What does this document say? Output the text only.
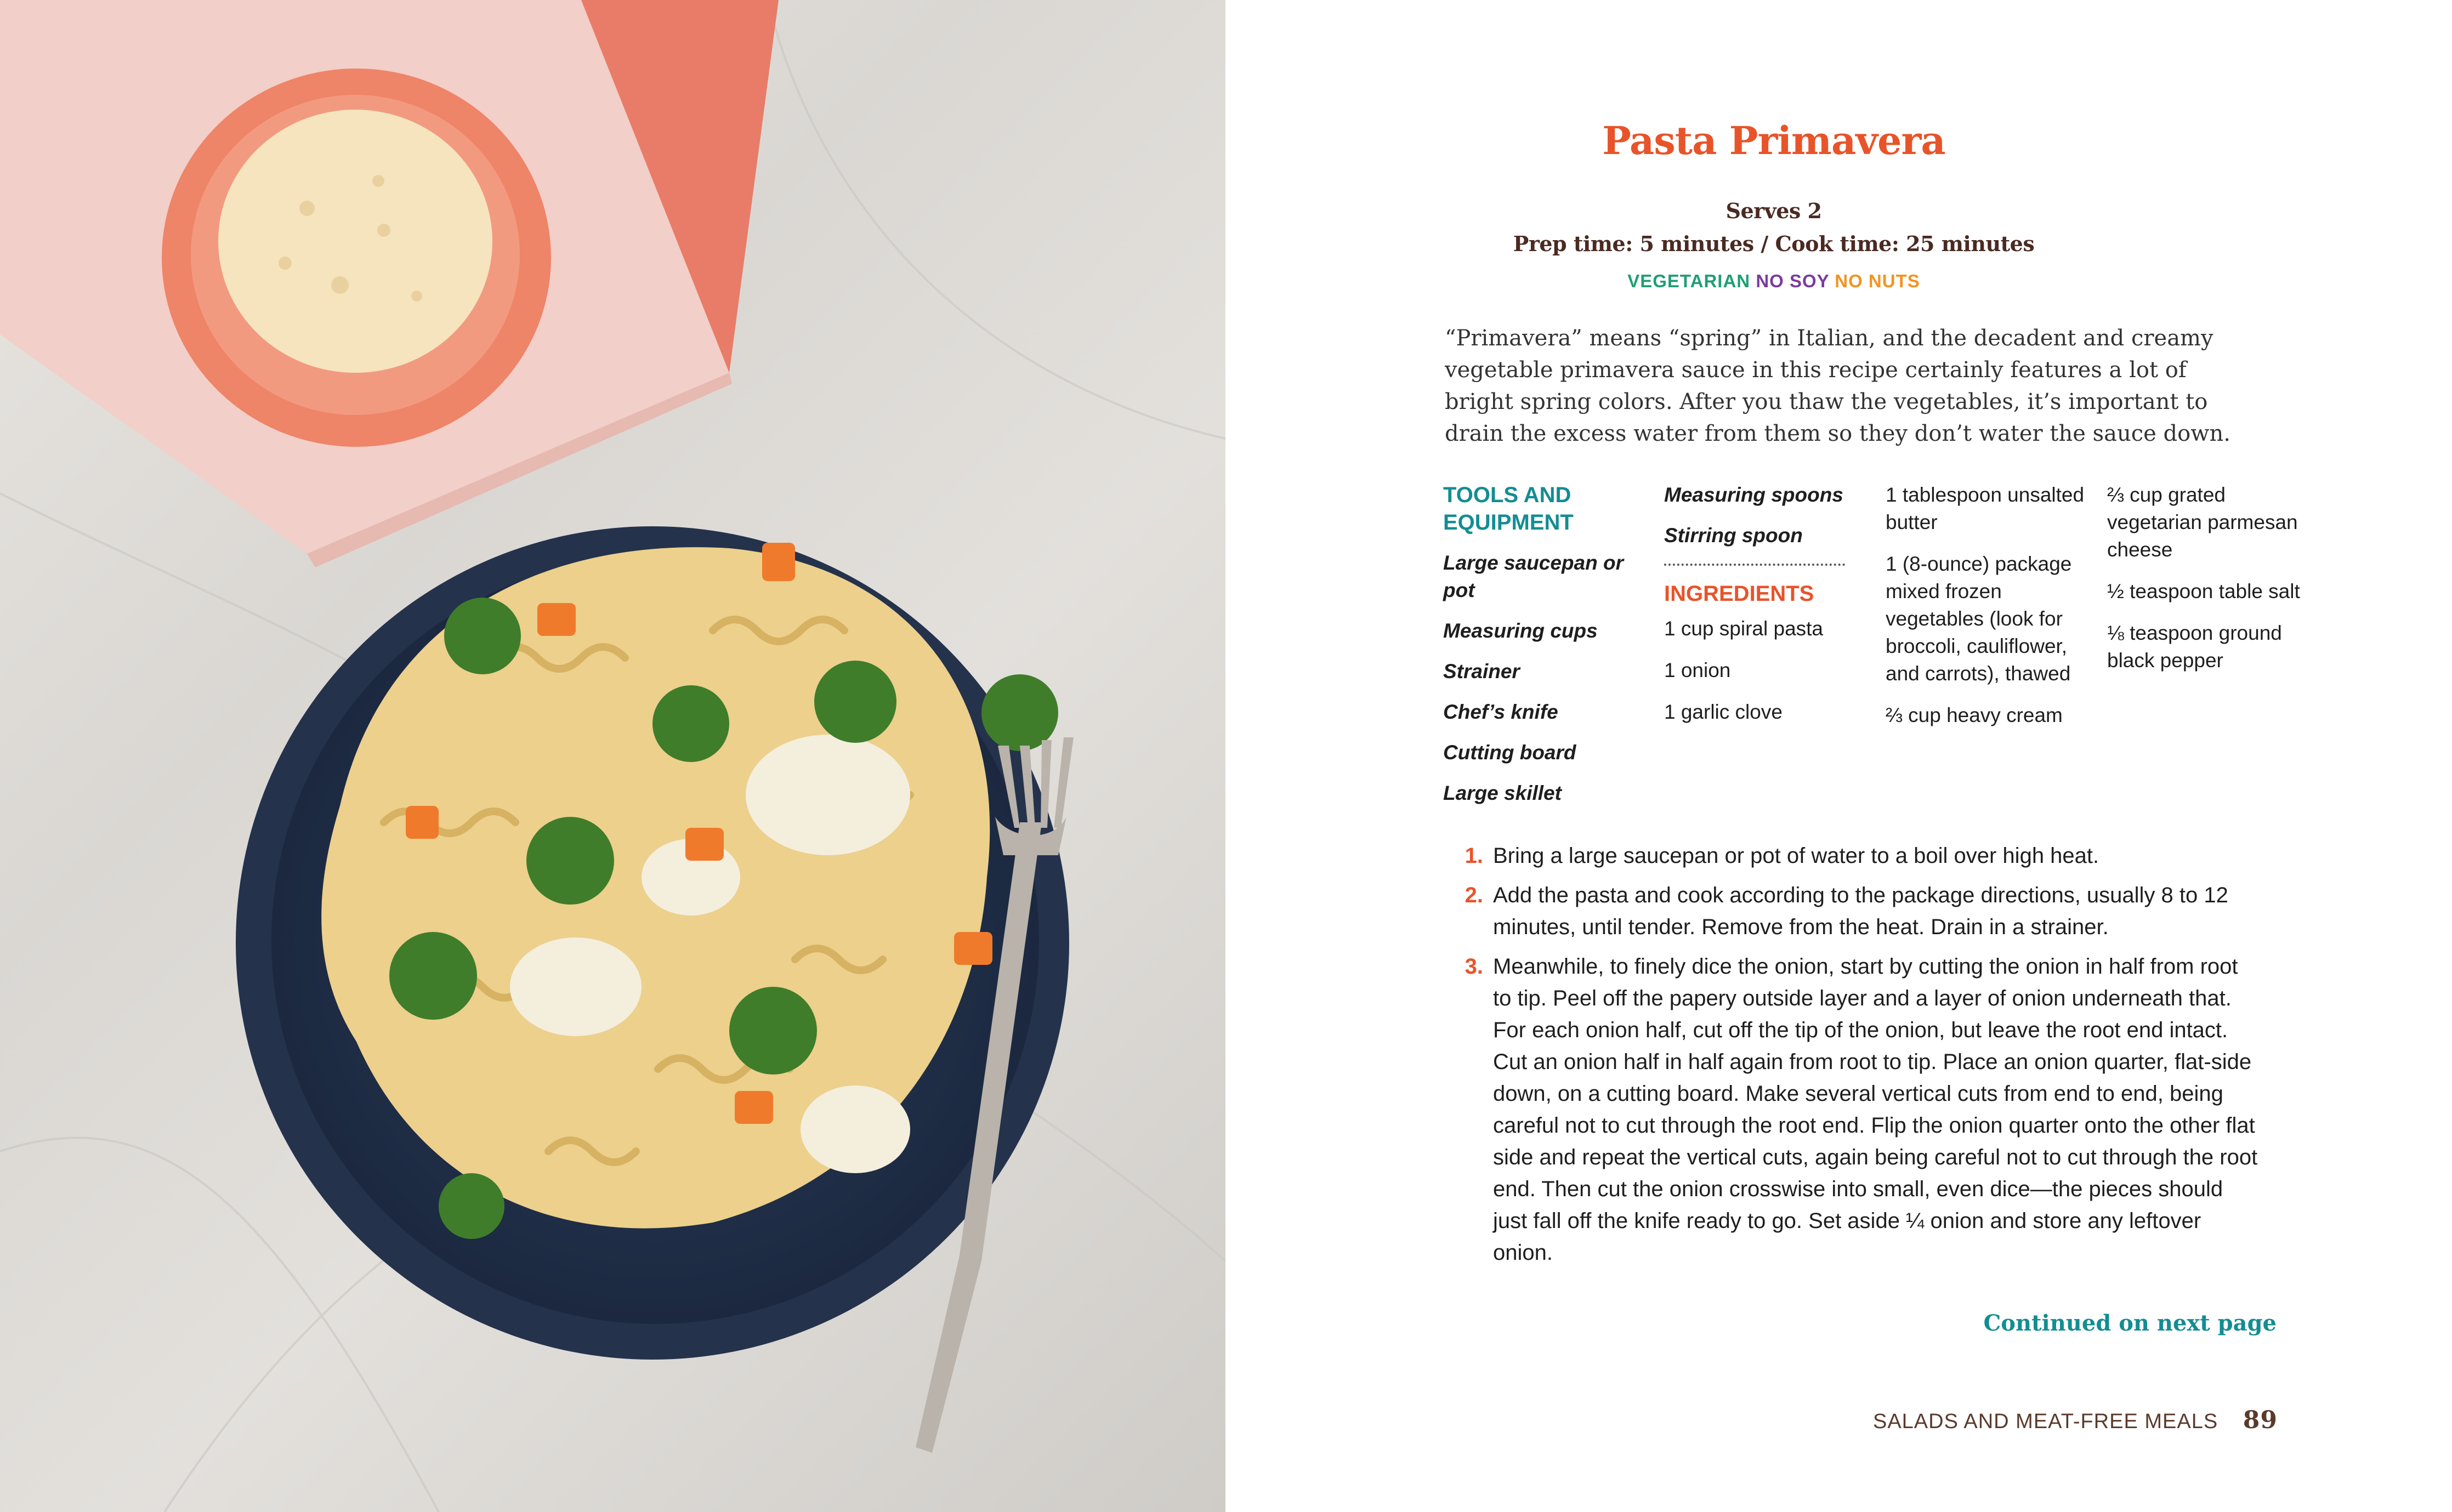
Pasta Primavera
Serves 2
Prep time: 5 minutes / Cook time: 25 minutes
VEGETARIAN NO SOY NO NUTS

“Primavera” means “spring” in Italian, and the decadent and creamy vegetable primavera sauce in this recipe certainly features a lot of bright spring colors. After you thaw the vegetables, it’s important to drain the excess water from them so they don’t water the sauce down.

TOOLS AND EQUIPMENT
Large saucepan or pot
Measuring cups
Strainer
Chef’s knife
Cutting board
Large skillet
Measuring spoons
Stirring spoon
INGREDIENTS
1 cup spiral pasta
1 onion
1 garlic clove
1 tablespoon unsalted butter
1 (8-ounce) package mixed frozen vegetables (look for broccoli, cauliflower, and carrots), thawed
⅔ cup heavy cream
⅔ cup grated vegetarian parmesan cheese
½ teaspoon table salt
⅛ teaspoon ground black pepper
1. Bring a large saucepan or pot of water to a boil over high heat.
2. Add the pasta and cook according to the package directions, usually 8 to 12 minutes, until tender. Remove from the heat. Drain in a strainer.
3. Meanwhile, to finely dice the onion, start by cutting the onion in half from root to tip. Peel off the papery outside layer and a layer of onion underneath that. For each onion half, cut off the tip of the onion, but leave the root end intact. Cut an onion half in half again from root to tip. Place an onion quarter, flat-side down, on a cutting board. Make several vertical cuts from end to end, being careful not to cut through the root end. Flip the onion quarter onto the other flat side and repeat the vertical cuts, again being careful not to cut through the root end. Then cut the onion crosswise into small, even dice—the pieces should just fall off the knife ready to go. Set aside ¼ onion and store any leftover onion.
Continued on next page
SALADS AND MEAT-FREE MEALS 89
